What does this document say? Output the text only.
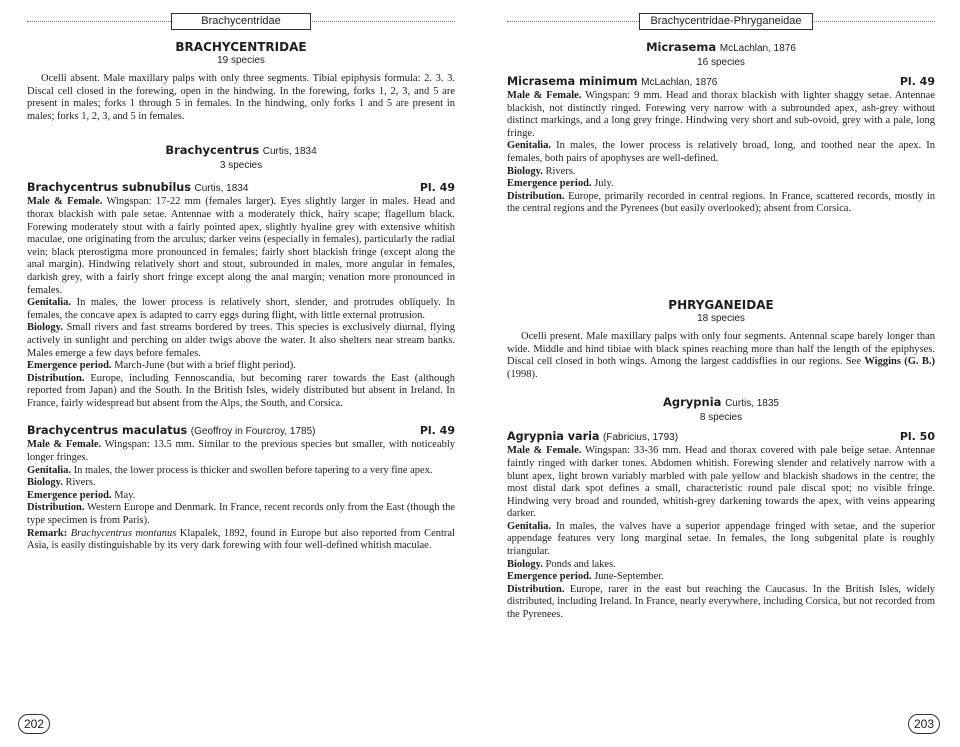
Brachycentridae

BRACHYCENTRIDAE

19 species

Ocelli absent. Male maxillary palps with only three segments. Tibial epiphysis formula: 2. 3. 3. Discal cell closed in the forewing, open in the hindwing. In the forewing, forks 1, 2, 3, and 5 are present in males; forks 1 through 5 in females. In the hindwing, only forks 1 and 5 are present in males; forks 1, 2, 3, and 5 in females.

Brachycentrus Curtis, 1834

3 species

Brachycentrus subnubilus Curtis, 1834	Pl. 49

Male & Female. Wingspan: 17-22 mm (females larger). Eyes slightly larger in males. Head and thorax blackish with pale setae. Antennae with a moderately thick, hairy scape; flagellum black. Forewing moderately stout with a fairly pointed apex, slightly hyaline grey with extensive whitish maculae, one originating from the arculus; darker veins (especially in females), particularly the radial vein; black pterostigma more pronounced in females; fairly short blackish fringe (except along the anal margin). Hindwing relatively short and stout, subrounded in males, more angular in females, darkish grey, with a fairly short fringe except along the anal margin; venation more pronounced in females.

Genitalia. In males, the lower process is relatively short, slender, and protrudes obliquely. In females, the concave apex is adapted to carry eggs during flight, with little external protrusion.

Biology. Small rivers and fast streams bordered by trees. This species is exclusively diurnal, flying actively in sunlight and perching on alder twigs above the water. It also shelters near stream banks. Males emerge a few days before females.

Emergence period. March-June (but with a brief flight period).

Distribution. Europe, including Fennoscandia, but becoming rarer towards the East (although reported from Japan) and the South. In the British Isles, widely distributed but absent in Ireland. In France, fairly widespread but absent from the Alps, the South, and Corsica.

Brachycentrus maculatus (Geoffroy in Fourcroy, 1785)	Pl. 49

Male & Female. Wingspan: 13.5 mm. Similar to the previous species but smaller, with noticeably longer fringes.

Genitalia. In males, the lower process is thicker and swollen before tapering to a very fine apex.

Biology. Rivers.

Emergence period. May.

Distribution. Western Europe and Denmark. In France, recent records only from the East (though the type specimen is from Paris).

Remark: Brachycentrus montanus Klapalek, 1892, found in Europe but also reported from Central Asia, is easily distinguishable by its very dark forewing with four well-defined whitish maculae.

202
Brachycentridae-Phryganeidae

Micrasema McLachlan, 1876

16 species

Micrasema minimum McLachlan, 1876	Pl. 49

Male & Female. Wingspan: 9 mm. Head and thorax blackish with lighter shaggy setae. Antennae blackish, not distinctly ringed. Forewing very narrow with a subrounded apex, ash-grey without distinct markings, and a long grey fringe. Hindwing very short and sub-ovoid, grey with a pale, long fringe.

Genitalia. In males, the lower process is relatively broad, long, and toothed near the apex. In females, both pairs of apophyses are well-defined.

Biology. Rivers.

Emergence period. July.

Distribution. Europe, primarily recorded in central regions. In France, scattered records, mostly in the central regions and the Pyrenees (but easily overlooked); absent from Corsica.

PHRYGANEIDAE

18 species

Ocelli present. Male maxillary palps with only four segments. Antennal scape barely longer than wide. Middle and hind tibiae with black spines reaching more than half the length of the epiphyses. Discal cell closed in both wings. Among the largest caddisflies in our regions. See Wiggins (G. B.) (1998).

Agrypnia Curtis, 1835

8 species

Agrypnia varia (Fabricius, 1793)	Pl. 50

Male & Female. Wingspan: 33-36 mm. Head and thorax covered with pale beige setae. Antennae faintly ringed with darker tones. Abdomen whitish. Forewing slender and relatively narrow with a blunt apex, light brown variably marbled with pale yellow and blackish shadows in the centre; the most distal dark spot defines a small, characteristic round pale discal spot; no visible fringe. Hindwing very broad and rounded, whitish-grey darkening towards the apex, with veins appearing darker.

Genitalia. In males, the valves have a superior appendage fringed with setae, and the superior appendage features very long marginal setae. In females, the long subgenital plate is roughly triangular.

Biology. Ponds and lakes.

Emergence period. June-September.

Distribution. Europe, rarer in the east but reaching the Caucasus. In the British Isles, widely distributed, including Ireland. In France, nearly everywhere, including Corsica, but not recorded from the Pyrenees.

203
